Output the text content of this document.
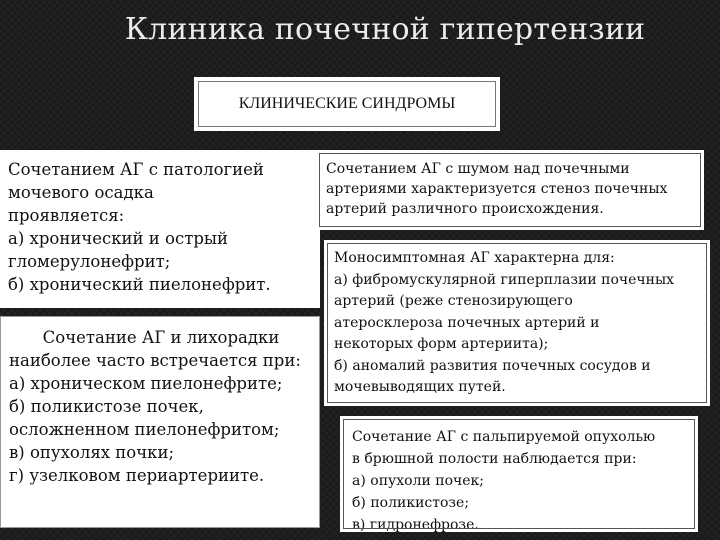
Клиника почечной гипертензии
КЛИНИЧЕСКИЕ СИНДРОМЫ

Сочетанием АГ с патологией

мочевого осадка

проявляется:

а) хронический и острый

гломерулонефрит;

б) хронический пиелонефрит.

Сочетание АГ и лихорадки

наиболее часто встречается при:

а) хроническом пиелонефрите;

б) поликистозе почек,

осложненном пиелонефритом;

в) опухолях почки;

г) узелковом периартериите.

Сочетанием АГ с шумом над почечными

артериями характеризуется стеноз почечных

артерий различного происхождения.

Моносимптомная АГ характерна для:

а) фибромускулярной гиперплазии почечных

артерий (реже стенозирующего

атеросклероза почечных артерий и

некоторых форм артериита);

б) аномалий развития почечных сосудов и

мочевыводящих путей.

Сочетание АГ с пальпируемой опухолью

в брюшной полости наблюдается при:

а) опухоли почек;

б) поликистозе;

в) гидронефрозе.
